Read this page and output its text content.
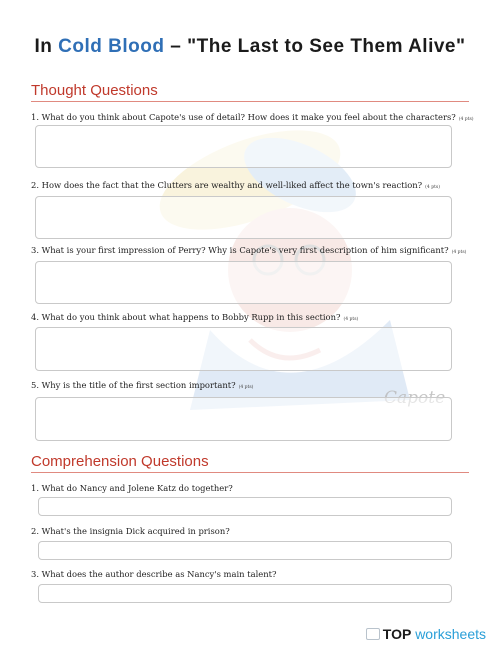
In Cold Blood – "The Last to See Them Alive"
Thought Questions
1. What do you think about Capote's use of detail? How does it make you feel about the characters? (4 pts)
2. How does the fact that the Clutters are wealthy and well-liked affect the town's reaction? (4 pts)
3. What is your first impression of Perry? Why is Capote's very first description of him significant? (4 pts)
4. What do you think about what happens to Bobby Rupp in this section? (4 pts)
5. Why is the title of the first section important? (4 pts)
Comprehension Questions
1. What do Nancy and Jolene Katz do together?
2. What's the insignia Dick acquired in prison?
3. What does the author describe as Nancy's main talent?
TOP worksheets
